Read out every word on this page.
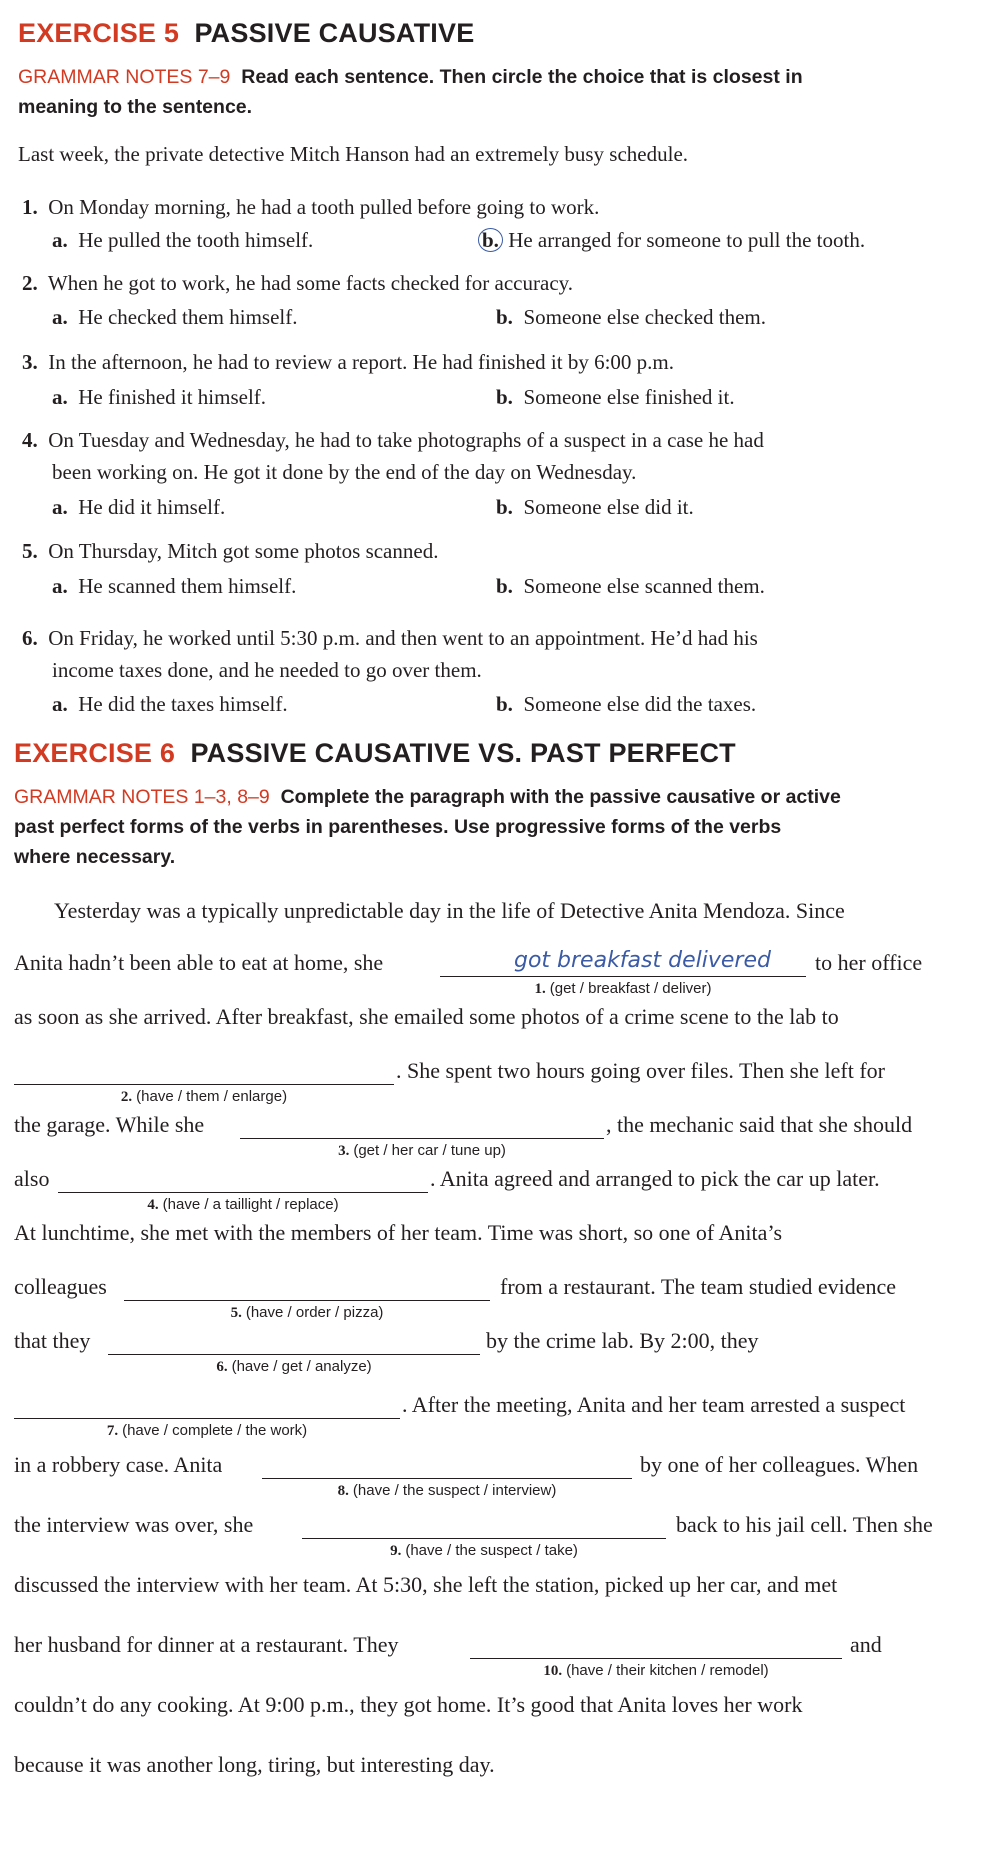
EXERCISE 5 PASSIVE CAUSATIVE
GRAMMAR NOTES 7–9 Read each sentence. Then circle the choice that is closest in
meaning to the sentence.
Last week, the private detective Mitch Hanson had an extremely busy schedule.
1. On Monday morning, he had a tooth pulled before going to work.
a. He pulled the tooth himself.	b. He arranged for someone to pull the tooth.
2. When he got to work, he had some facts checked for accuracy.
a. He checked them himself.	b. Someone else checked them.
3. In the afternoon, he had to review a report. He had finished it by 6:00 p.m.
a. He finished it himself.	b. Someone else finished it.
4. On Tuesday and Wednesday, he had to take photographs of a suspect in a case he had
been working on. He got it done by the end of the day on Wednesday.
a. He did it himself.	b. Someone else did it.
5. On Thursday, Mitch got some photos scanned.
a. He scanned them himself.	b. Someone else scanned them.
6. On Friday, he worked until 5:30 p.m. and then went to an appointment. He’d had his
income taxes done, and he needed to go over them.
a. He did the taxes himself.	b. Someone else did the taxes.
EXERCISE 6 PASSIVE CAUSATIVE VS. PAST PERFECT
GRAMMAR NOTES 1–3, 8–9 Complete the paragraph with the passive causative or active
past perfect forms of the verbs in parentheses. Use progressive forms of the verbs
where necessary.
Yesterday was a typically unpredictable day in the life of Detective Anita Mendoza. Since
Anita hadn’t been able to eat at home, she	got breakfast delivered
1. (get / breakfast / deliver)
to her office
as soon as she arrived. After breakfast, she emailed some photos of a crime scene to the lab to
2. (have / them / enlarge)
. She spent two hours going over files. Then she left for
the garage. While she
3. (get / her car / tune up)
, the mechanic said that she should
also
4. (have / a taillight / replace)
. Anita agreed and arranged to pick the car up later.
At lunchtime, she met with the members of her team. Time was short, so one of Anita’s
colleagues
5. (have / order / pizza)
from a restaurant. The team studied evidence
that they
6. (have / get / analyze)
by the crime lab. By 2:00, they
7. (have / complete / the work)
. After the meeting, Anita and her team arrested a suspect
in a robbery case. Anita
8. (have / the suspect / interview)
by one of her colleagues. When
the interview was over, she
9. (have / the suspect / take)
back to his jail cell. Then she
discussed the interview with her team. At 5:30, she left the station, picked up her car, and met
her husband for dinner at a restaurant. They
10. (have / their kitchen / remodel)
and
couldn’t do any cooking. At 9:00 p.m., they got home. It’s good that Anita loves her work
because it was another long, tiring, but interesting day.
